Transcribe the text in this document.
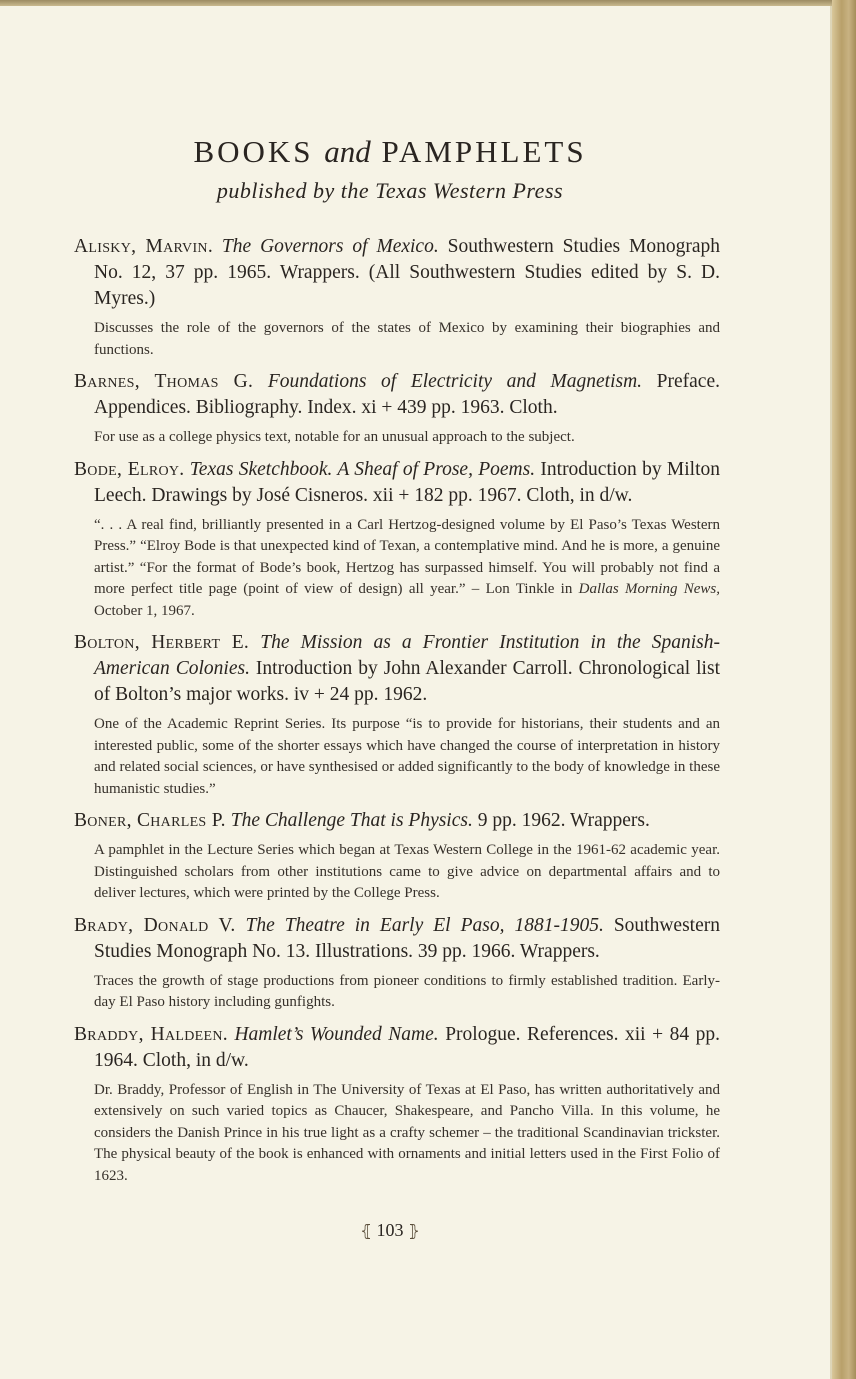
BOOKS and PAMPHLETS
published by the Texas Western Press
Alisky, Marvin. The Governors of Mexico. Southwestern Studies Monograph No. 12, 37 pp. 1965. Wrappers. (All Southwestern Studies edited by S. D. Myres.)
Discusses the role of the governors of the states of Mexico by examining their biographies and functions.
Barnes, Thomas G. Foundations of Electricity and Magnetism. Preface. Appendices. Bibliography. Index. xi + 439 pp. 1963. Cloth.
For use as a college physics text, notable for an unusual approach to the subject.
Bode, Elroy. Texas Sketchbook. A Sheaf of Prose, Poems. Introduction by Milton Leech. Drawings by José Cisneros. xii + 182 pp. 1967. Cloth, in d/w.
“. . . A real find, brilliantly presented in a Carl Hertzog-designed volume by El Paso’s Texas Western Press.” “Elroy Bode is that unexpected kind of Texan, a contemplative mind. And he is more, a genuine artist.” “For the format of Bode’s book, Hertzog has surpassed himself. You will probably not find a more perfect title page (point of view of design) all year.” – Lon Tinkle in Dallas Morning News, October 1, 1967.
Bolton, Herbert E. The Mission as a Frontier Institution in the Spanish-American Colonies. Introduction by John Alexander Carroll. Chronological list of Bolton’s major works. iv + 24 pp. 1962.
One of the Academic Reprint Series. Its purpose “is to provide for historians, their students and an interested public, some of the shorter essays which have changed the course of interpretation in history and related social sciences, or have synthesised or added significantly to the body of knowledge in these humanistic studies.”
Boner, Charles P. The Challenge That is Physics. 9 pp. 1962. Wrappers.
A pamphlet in the Lecture Series which began at Texas Western College in the 1961-62 academic year. Distinguished scholars from other institutions came to give advice on departmental affairs and to deliver lectures, which were printed by the College Press.
Brady, Donald V. The Theatre in Early El Paso, 1881-1905. Southwestern Studies Monograph No. 13. Illustrations. 39 pp. 1966. Wrappers.
Traces the growth of stage productions from pioneer conditions to firmly established tradition. Early-day El Paso history including gunfights.
Braddy, Haldeen. Hamlet’s Wounded Name. Prologue. References. xii + 84 pp. 1964. Cloth, in d/w.
Dr. Braddy, Professor of English in The University of Texas at El Paso, has written authoritatively and extensively on such varied topics as Chaucer, Shakespeare, and Pancho Villa. In this volume, he considers the Danish Prince in his true light as a crafty schemer – the traditional Scandinavian trickster. The physical beauty of the book is enhanced with ornaments and initial letters used in the First Folio of 1623.
⦃ 103 ⦄
